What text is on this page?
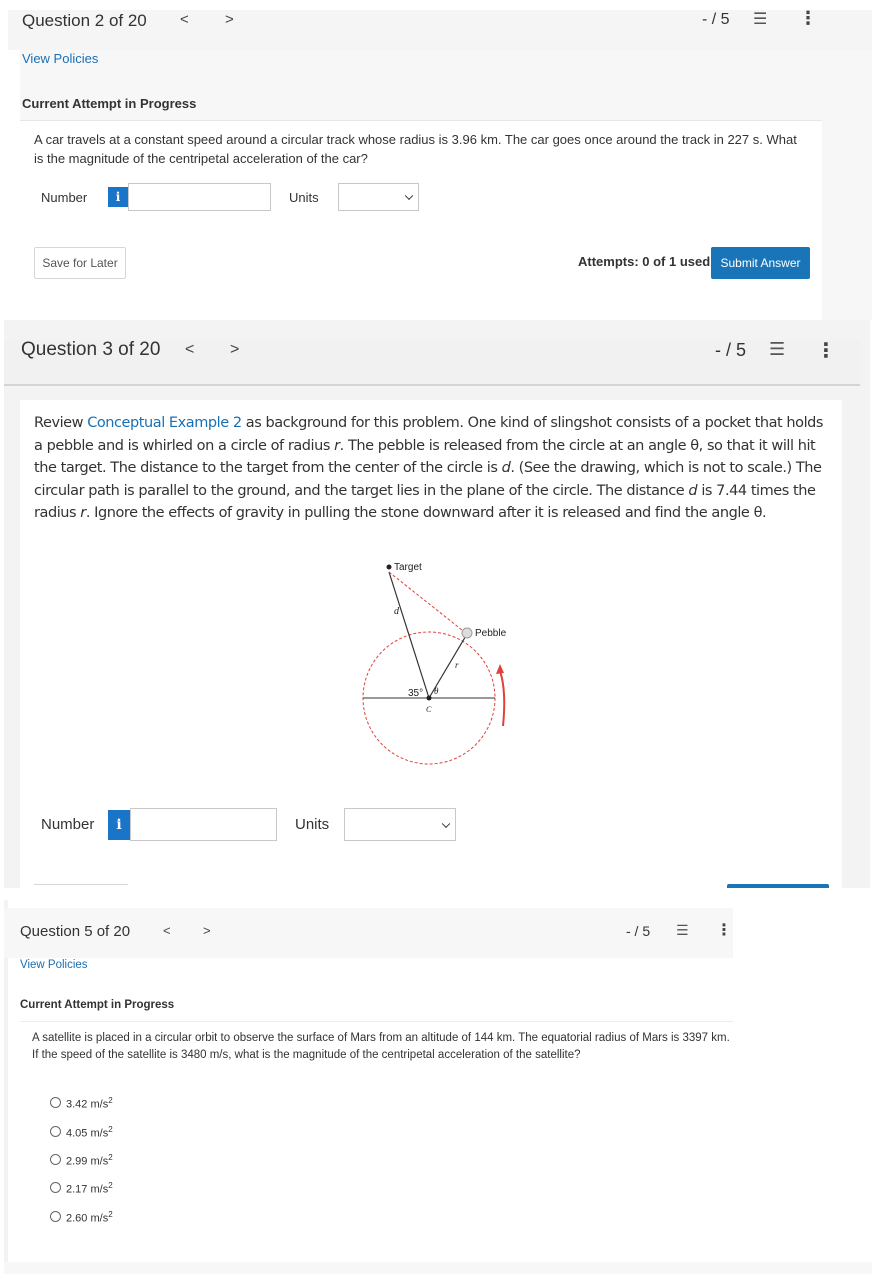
Question 2 of 20 < >	- / 5 ☰ ⋮
View Policies
Current Attempt in Progress

A car travels at a constant speed around a circular track whose radius is 3.96 km. The car goes once around the track in 227 s. What is the magnitude of the centripetal acceleration of the car?

Number	i	Units
Save for Later	Attempts: 0 of 1 used Submit Answer
Question 3 of 20 < >	- / 5 ☰ ⋮

Review Conceptual Example 2 as background for this problem. One kind of slingshot consists of a pocket that holds a pebble and is whirled on a circle of radius r. The pebble is released from the circle at an angle θ, so that it will hit the target. The distance to the target from the center of the circle is d. (See the drawing, which is not to scale.) The circular path is parallel to the ground, and the target lies in the plane of the circle. The distance d is 7.44 times the radius r. Ignore the effects of gravity in pulling the stone downward after it is released and find the angle θ.

Target
Pebble
d
r
35° θ
C
Number	i	Units
Question 5 of 20	< >	- / 5 ☰ ⋮
View Policies
Current Attempt in Progress

A satellite is placed in a circular orbit to observe the surface of Mars from an altitude of 144 km. The equatorial radius of Mars is 3397 km. If the speed of the satellite is 3480 m/s, what is the magnitude of the centripetal acceleration of the satellite?

3.42 $m/s^2$
4.05 $m/s^2$
2.99 $m/s^2$
2.17 $m/s^2$
2.60 $m/s^2$
